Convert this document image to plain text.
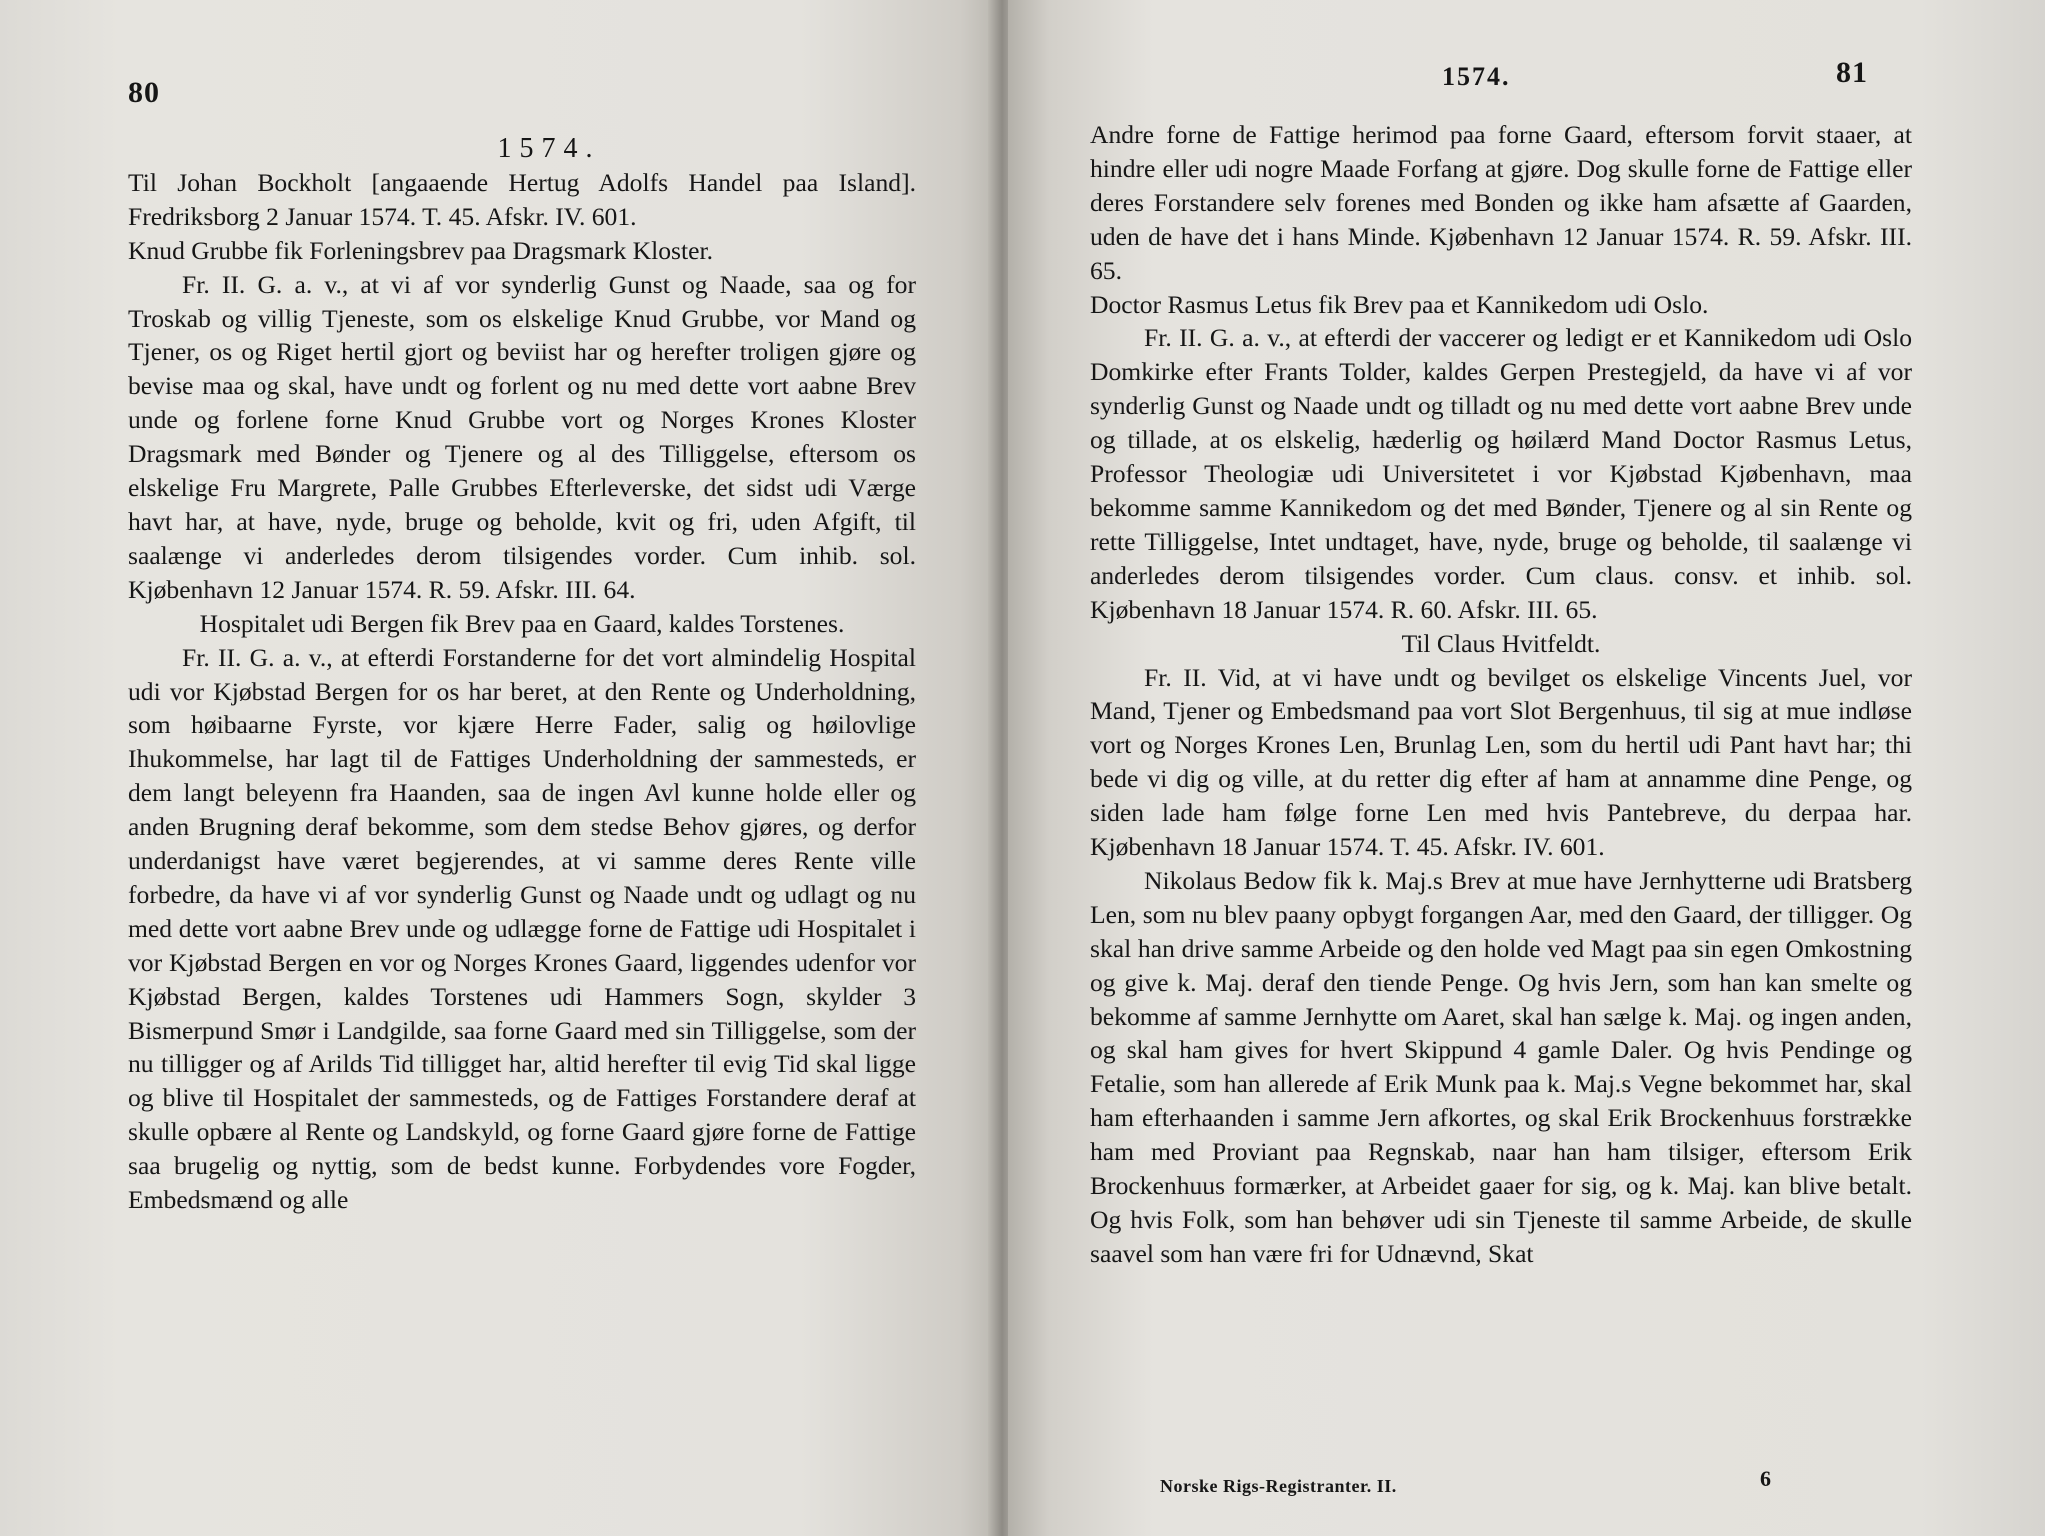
80

1574.

Til Johan Bockholt [angaaende Hertug Adolfs Handel paa Island]. Fredriksborg 2 Januar 1574. T. 45. Afskr. IV. 601.

Knud Grubbe fik Forleningsbrev paa Dragsmark Kloster.

Fr. II. G. a. v., at vi af vor synderlig Gunst og Naade, saa og for Troskab og villig Tjeneste, som os elskelige Knud Grubbe, vor Mand og Tjener, os og Riget hertil gjort og beviist har og herefter troligen gjøre og bevise maa og skal, have undt og forlent og nu med dette vort aabne Brev unde og forlene forne Knud Grubbe vort og Norges Krones Kloster Dragsmark med Bønder og Tjenere og al des Tilliggelse, eftersom os elskelige Fru Margrete, Palle Grubbes Efterleverske, det sidst udi Værge havt har, at have, nyde, bruge og beholde, kvit og fri, uden Afgift, til saalænge vi anderledes derom tilsigendes vorder. Cum inhib. sol. Kjøbenhavn 12 Januar 1574. R. 59. Afskr. III. 64.

Hospitalet udi Bergen fik Brev paa en Gaard, kaldes Torstenes.

Fr. II. G. a. v., at efterdi Forstanderne for det vort almindelig Hospital udi vor Kjøbstad Bergen for os har beret, at den Rente og Underholdning, som høibaarne Fyrste, vor kjære Herre Fader, salig og høilovlige Ihukommelse, har lagt til de Fattiges Underholdning der sammesteds, er dem langt beleyenn fra Haanden, saa de ingen Avl kunne holde eller og anden Brugning deraf bekomme, som dem stedse Behov gjøres, og derfor underdanigst have været begjerendes, at vi samme deres Rente ville forbedre, da have vi af vor synderlig Gunst og Naade undt og udlagt og nu med dette vort aabne Brev unde og udlægge forne de Fattige udi Hospitalet i vor Kjøbstad Bergen en vor og Norges Krones Gaard, liggendes udenfor vor Kjøbstad Bergen, kaldes Torstenes udi Hammers Sogn, skylder 3 Bismerpund Smør i Landgilde, saa forne Gaard med sin Tilliggelse, som der nu tilligger og af Arilds Tid tilligget har, altid herefter til evig Tid skal ligge og blive til Hospitalet der sammesteds, og de Fattiges Forstandere deraf at skulle opbære al Rente og Landskyld, og forne Gaard gjøre forne de Fattige saa brugelig og nyttig, som de bedst kunne. Forbydendes vore Fogder, Embedsmænd og alle

1574.	81

Andre forne de Fattige herimod paa forne Gaard, eftersom forvit staaer, at hindre eller udi nogre Maade Forfang at gjøre. Dog skulle forne de Fattige eller deres Forstandere selv forenes med Bonden og ikke ham afsætte af Gaarden, uden de have det i hans Minde. Kjøbenhavn 12 Januar 1574. R. 59. Afskr. III. 65.

Doctor Rasmus Letus fik Brev paa et Kannikedom udi Oslo.

Fr. II. G. a. v., at efterdi der vaccerer og ledigt er et Kannikedom udi Oslo Domkirke efter Frants Tolder, kaldes Gerpen Prestegjeld, da have vi af vor synderlig Gunst og Naade undt og tilladt og nu med dette vort aabne Brev unde og tillade, at os elskelig, hæderlig og høilærd Mand Doctor Rasmus Letus, Professor Theologiæ udi Universitetet i vor Kjøbstad Kjøbenhavn, maa bekomme samme Kannikedom og det med Bønder, Tjenere og al sin Rente og rette Tilliggelse, Intet undtaget, have, nyde, bruge og beholde, til saalænge vi anderledes derom tilsigendes vorder. Cum claus. consv. et inhib. sol. Kjøbenhavn 18 Januar 1574. R. 60. Afskr. III. 65.

Til Claus Hvitfeldt.

Fr. II. Vid, at vi have undt og bevilget os elskelige Vincents Juel, vor Mand, Tjener og Embedsmand paa vort Slot Bergenhuus, til sig at mue indløse vort og Norges Krones Len, Brunlag Len, som du hertil udi Pant havt har; thi bede vi dig og ville, at du retter dig efter af ham at annamme dine Penge, og siden lade ham følge forne Len med hvis Pantebreve, du derpaa har. Kjøbenhavn 18 Januar 1574. T. 45. Afskr. IV. 601.

Nikolaus Bedow fik k. Maj.s Brev at mue have Jernhytterne udi Bratsberg Len, som nu blev paany opbygt forgangen Aar, med den Gaard, der tilligger. Og skal han drive samme Arbeide og den holde ved Magt paa sin egen Omkostning og give k. Maj. deraf den tiende Penge. Og hvis Jern, som han kan smelte og bekomme af samme Jernhytte om Aaret, skal han sælge k. Maj. og ingen anden, og skal ham gives for hvert Skippund 4 gamle Daler. Og hvis Pendinge og Fetalie, som han allerede af Erik Munk paa k. Maj.s Vegne bekommet har, skal ham efterhaanden i samme Jern afkortes, og skal Erik Brockenhuus forstrække ham med Proviant paa Regnskab, naar han ham tilsiger, eftersom Erik Brockenhuus formærker, at Arbeidet gaaer for sig, og k. Maj. kan blive betalt. Og hvis Folk, som han behøver udi sin Tjeneste til samme Arbeide, de skulle saavel som han være fri for Udnævnd, Skat

Norske Rigs-Registranter. II.	6
